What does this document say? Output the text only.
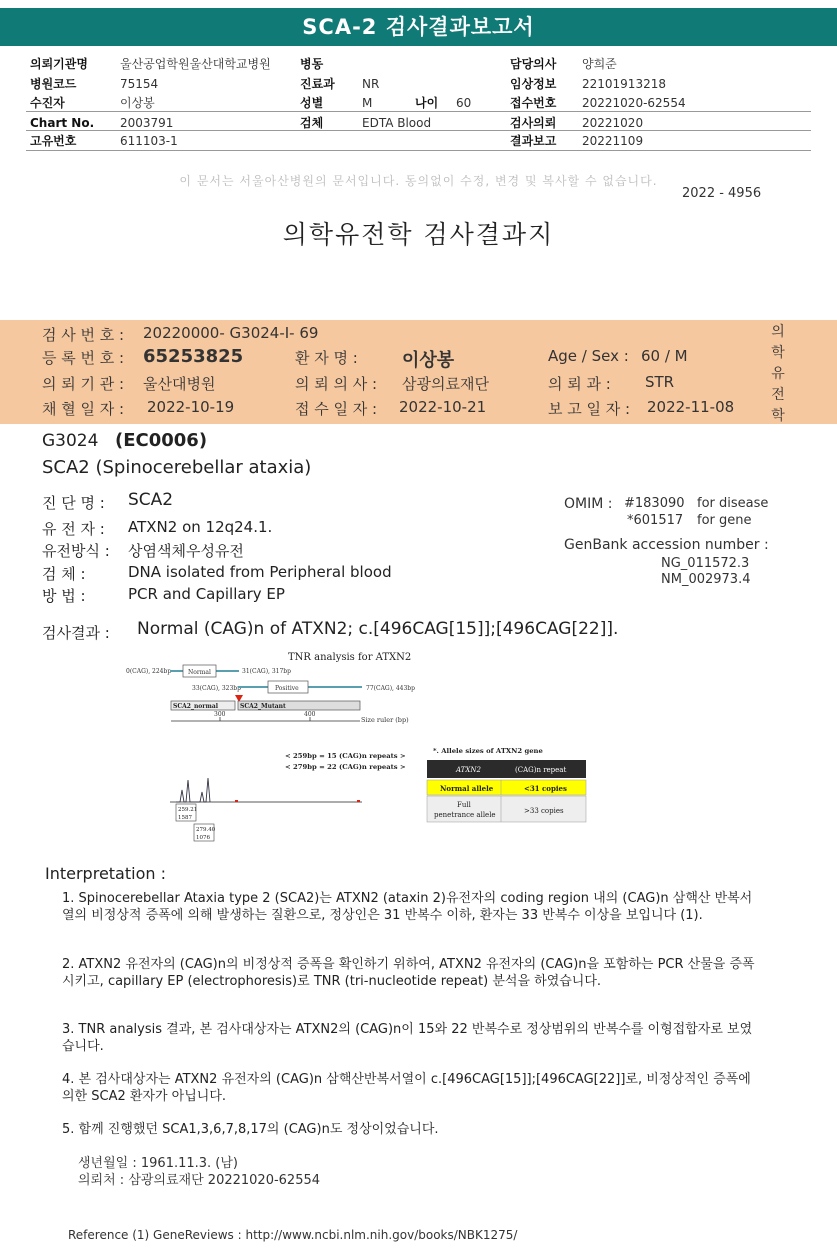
SCA-2 검사결과보고서
의뢰기관명	울산공업학원울산대학교병원
병원코드	75154
수진자	이상봉
Chart No. 2003791
고유번호	611103-1
병동
진료과 NR
성별	M	나이 60
검체	EDTA Blood
담당의사 양희준
임상정보 22101913218
접수번호 20221020-62554
검사의뢰 20221020
결과보고 20221109
이 문서는 서울아산병원의 문서입니다. 동의없이 수정, 변경 및 복사할 수 없습니다.
2022 - 4956
의학유전학 검사결과지
검 사 번 호 : 20220000- G3024-I- 69
등 록 번 호 : 65253825	환 자 명 : 이상봉	Age / Sex : 60 / M
의 뢰 기 관 : 울산대병원	의 뢰 의 사 : 삼광의료재단	의 뢰 과 : STR
채 혈 일 자 : 2022-10-19	접 수 일 자 : 2022-10-21	보 고 일 자 : 2022-11-08
의
학
유
전
학
G3024 (EC0006)
SCA2 (Spinocerebellar ataxia)
진 단 명 : SCA2
유 전 자 : ATXN2 on 12q24.1.
유전방식 : 상염색체우성유전
검 체 :	DNA isolated from Peripheral blood
방 법 :	PCR and Capillary EP
OMIM : #183090 for disease
*601517 for gene
GenBank accession number :
NG_011572.3
NM_002973.4
검사결과 : Normal (CAG)n of ATXN2; c.[496CAG[15]];[496CAG[22]].
TNR analysis for ATXN2
0(CAG), 224bp	Normal	31(CAG), 317bp
33(CAG), 323bp	Positive	77(CAG), 443bp
SCA2_normal	SCA2_Mutant
300	400
Size ruler (bp)
< 259bp = 15 (CAG)n repeats >
< 279bp = 22 (CAG)n repeats >
259.21
1587
279.40
1076
*. Allele sizes of ATXN2 gene
ATXN2	(CAG)n repeat
Normal allele	<31 copies
Full
penetrance allele	>33 copies
Interpretation :
1. Spinocerebellar Ataxia type 2 (SCA2)는 ATXN2 (ataxin 2)유전자의 coding region 내의 (CAG)n 삼핵산 반복서열의 비정상적 증폭에 의해 발생하는 질환으로, 정상인은 31 반복수 이하, 환자는 33 반복수 이상을 보입니다 (1).
2. ATXN2 유전자의 (CAG)n의 비정상적 증폭을 확인하기 위하여, ATXN2 유전자의 (CAG)n을 포함하는 PCR 산물을 증폭시키고, capillary EP (electrophoresis)로 TNR (tri-nucleotide repeat) 분석을 하였습니다.
3. TNR analysis 결과, 본 검사대상자는 ATXN2의 (CAG)n이 15와 22 반복수로 정상범위의 반복수를 이형접합자로 보였습니다.
4. 본 검사대상자는 ATXN2 유전자의 (CAG)n 삼핵산반복서열이 c.[496CAG[15]];[496CAG[22]]로, 비정상적인 증폭에 의한 SCA2 환자가 아닙니다.
5. 함께 진행했던 SCA1,3,6,7,8,17의 (CAG)n도 정상이었습니다.
생년월일 : 1961.11.3. (남)
의뢰처 : 삼광의료재단 20221020-62554
Reference (1) GeneReviews : http://www.ncbi.nlm.nih.gov/books/NBK1275/
